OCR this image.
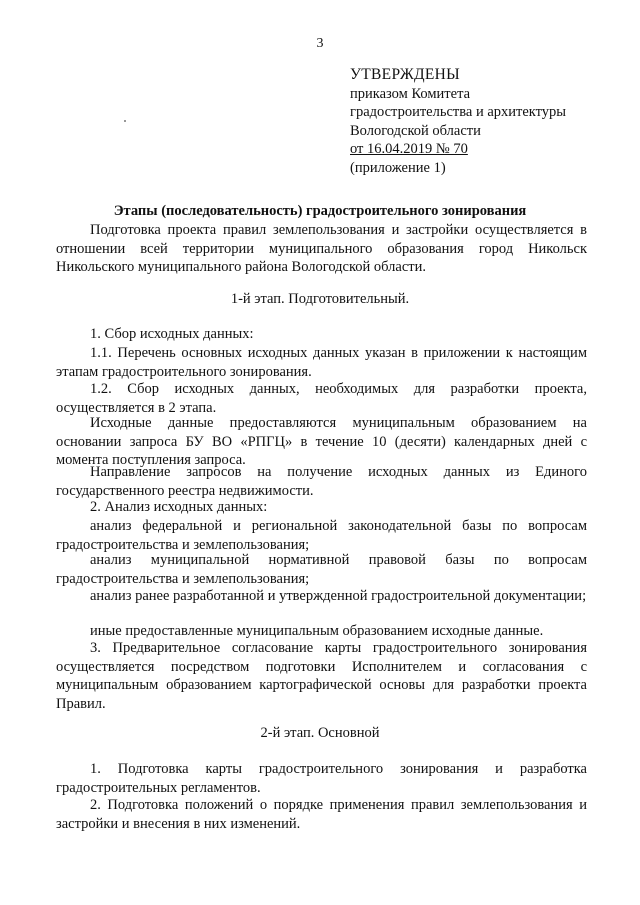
3
УТВЕРЖДЕНЫ
приказом Комитета
градостроительства и архитектуры
Вологодской области
от 16.04.2019 № 70
(приложение 1)
Этапы (последовательность) градостроительного зонирования
Подготовка проекта правил землепользования и застройки осуществляется в отношении всей территории муниципального образования город Никольск Никольского муниципального района Вологодской области.
1-й этап. Подготовительный.
1. Сбор исходных данных:
1.1. Перечень основных исходных данных указан в приложении к настоящим этапам градостроительного зонирования.
1.2. Сбор исходных данных, необходимых для разработки проекта, осуществляется в 2 этапа.
Исходные данные предоставляются муниципальным образованием на основании запроса БУ ВО «РПГЦ» в течение 10 (десяти) календарных дней с момента поступления запроса.
Направление запросов на получение исходных данных из Единого государственного реестра недвижимости.
2. Анализ исходных данных:
анализ федеральной и региональной законодательной базы по вопросам градостроительства и землепользования;
анализ муниципальной нормативной правовой базы по вопросам градостроительства и землепользования;
анализ ранее разработанной и утвержденной градостроительной документации;
иные предоставленные муниципальным образованием исходные данные.
3. Предварительное согласование карты градостроительного зонирования осуществляется посредством подготовки Исполнителем и согласования с муниципальным образованием картографической основы для разработки проекта Правил.
2-й этап. Основной
1. Подготовка карты градостроительного зонирования и разработка градостроительных регламентов.
2. Подготовка положений о порядке применения правил землепользования и застройки и внесения в них изменений.
